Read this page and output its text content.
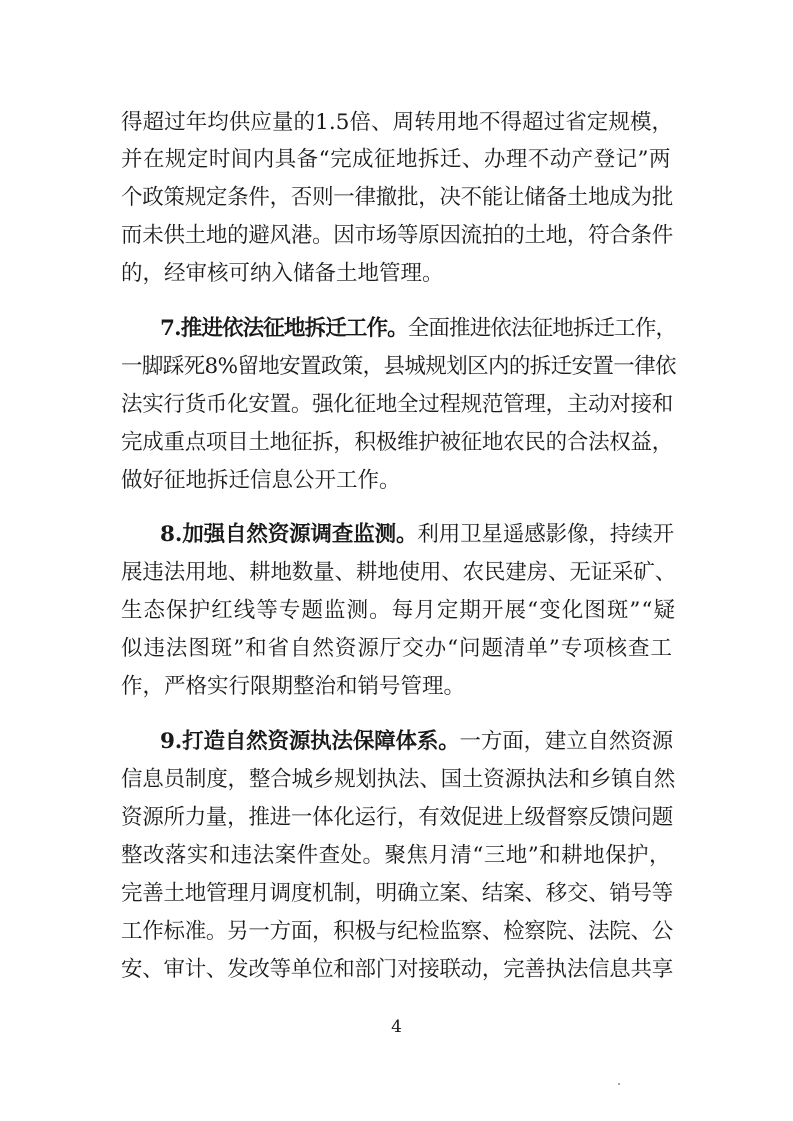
得超过年均供应量的1.5倍、周转用地不得超过省定规模，
并在规定时间内具备“完成征地拆迁、办理不动产登记”两
个政策规定条件，否则一律撤批，决不能让储备土地成为批
而未供土地的避风港。因市场等原因流拍的土地，符合条件
的，经审核可纳入储备土地管理。
7.推进依法征地拆迁工作。全面推进依法征地拆迁工作，
一脚踩死8%留地安置政策，县城规划区内的拆迁安置一律依
法实行货币化安置。强化征地全过程规范管理，主动对接和
完成重点项目土地征拆，积极维护被征地农民的合法权益，
做好征地拆迁信息公开工作。
8.加强自然资源调查监测。利用卫星遥感影像，持续开
展违法用地、耕地数量、耕地使用、农民建房、无证采矿、
生态保护红线等专题监测。每月定期开展“变化图斑”“疑
似违法图斑”和省自然资源厅交办“问题清单”专项核查工
作，严格实行限期整治和销号管理。
9.打造自然资源执法保障体系。一方面，建立自然资源
信息员制度，整合城乡规划执法、国土资源执法和乡镇自然
资源所力量，推进一体化运行，有效促进上级督察反馈问题
整改落实和违法案件查处。聚焦月清“三地”和耕地保护，
完善土地管理月调度机制，明确立案、结案、移交、销号等
工作标准。另一方面，积极与纪检监察、检察院、法院、公
安、审计、发改等单位和部门对接联动，完善执法信息共享
4
